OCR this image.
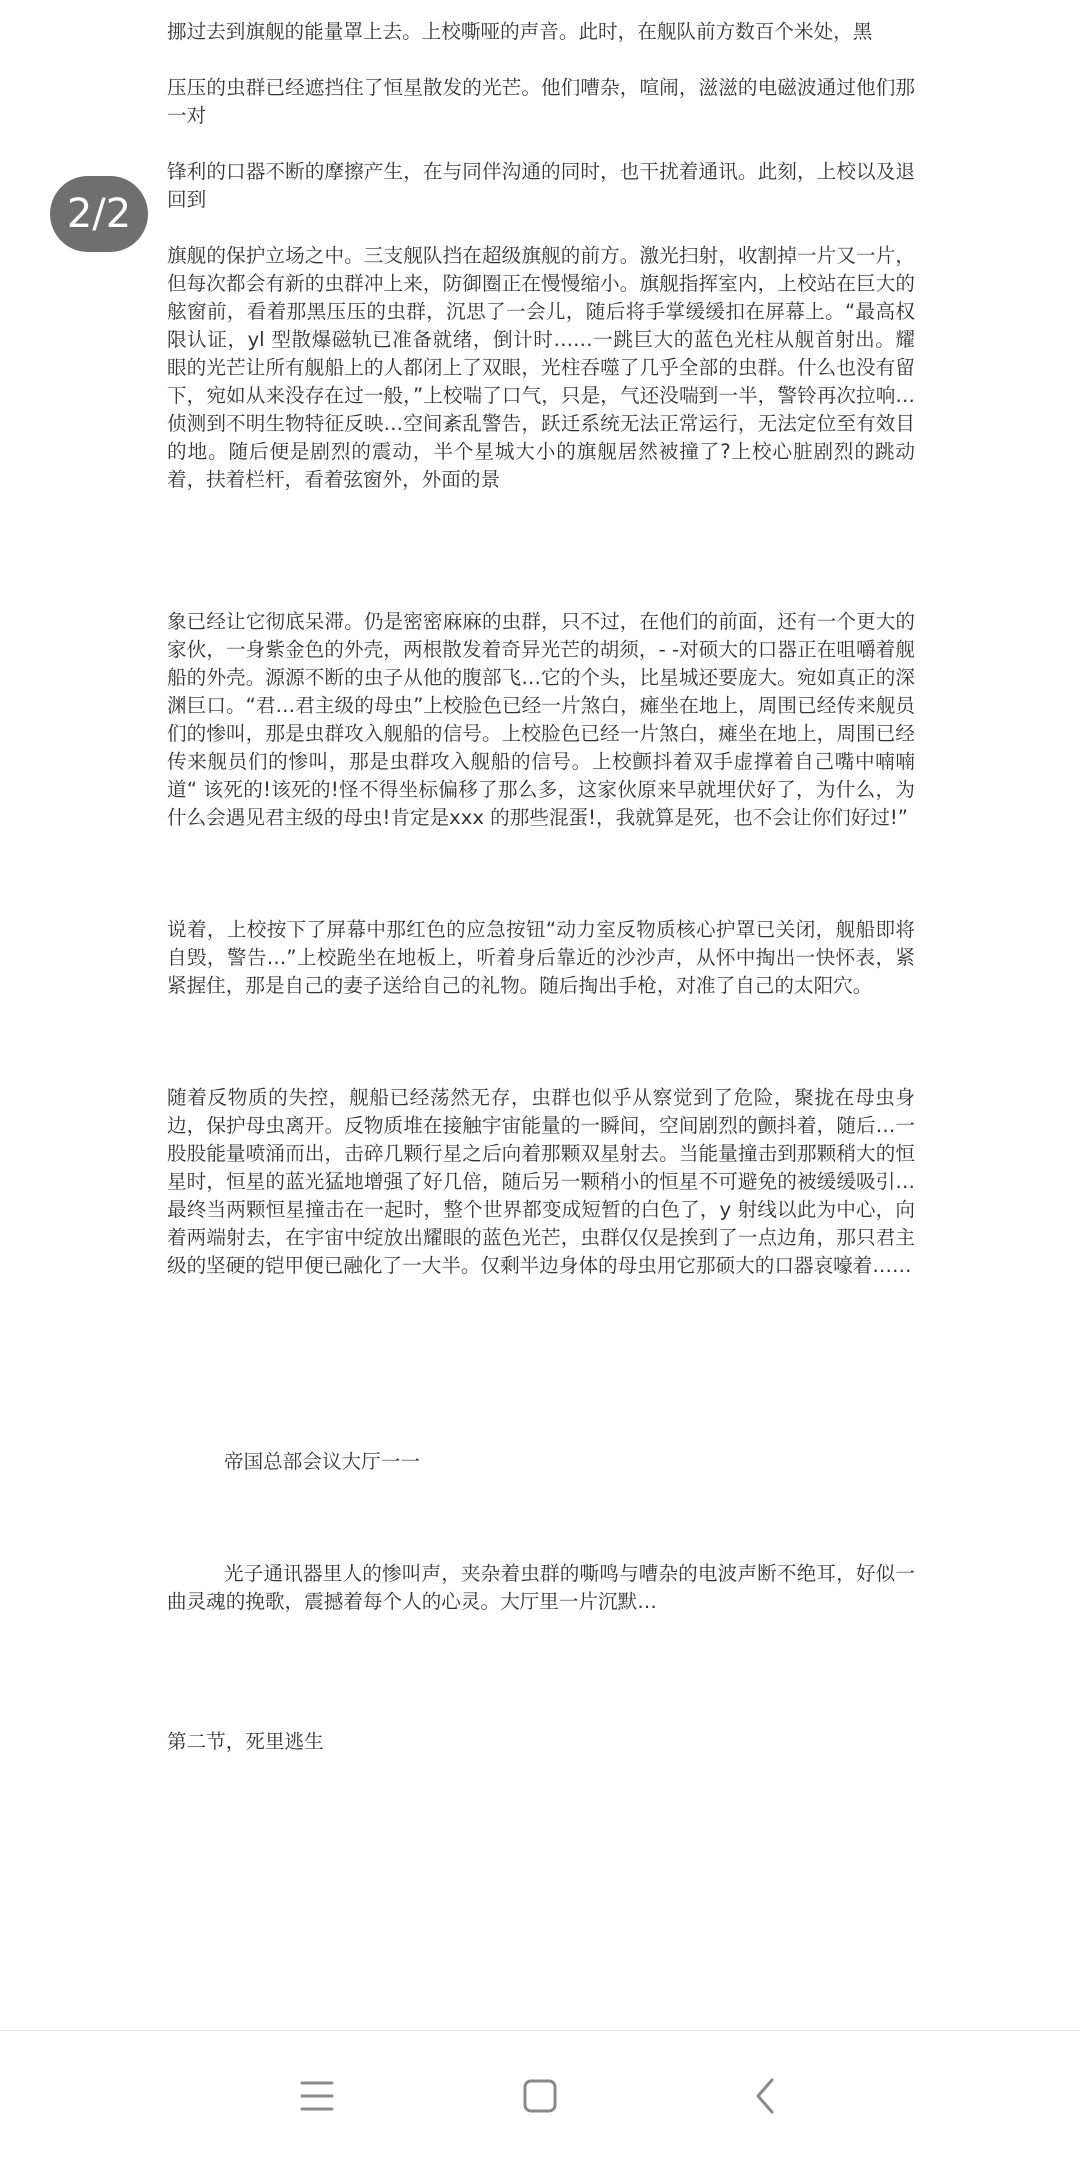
挪过去到旗舰的能量罩上去。上校嘶哑的声音。此时，在舰队前方数百个米处，黑

压压的虫群已经遮挡住了恒星散发的光芒。他们嘈杂，喧闹，滋滋的电磁波通过他们那一对

锋利的口器不断的摩擦产生，在与同伴沟通的同时，也干扰着通讯。此刻，上校以及退回到

旗舰的保护立场之中。三支舰队挡在超级旗舰的前方。激光扫射，收割掉一片又一片，但每次都会有新的虫群冲上来，防御圈正在慢慢缩小。旗舰指挥室内，上校站在巨大的舷窗前，看着那黑压压的虫群，沉思了一会儿，随后将手掌缓缓扣在屏幕上。“最高权限认证，yl 型散爆磁轨已准备就绪，倒计时……一跳巨大的蓝色光柱从舰首射出。耀眼的光芒让所有舰船上的人都闭上了双眼，光柱吞噬了几乎全部的虫群。什么也没有留下，宛如从来没存在过一般，”上校喘了口气，只是，气还没喘到一半，警铃再次拉响…侦测到不明生物特征反映…空间紊乱警告，跃迁系统无法正常运行，无法定位至有效目的地。随后便是剧烈的震动，半个星城大小的旗舰居然被撞了?上校心脏剧烈的跳动着，扶着栏杆，看着弦窗外，外面的景

2/2

象已经让它彻底呆滞。仍是密密麻麻的虫群，只不过，在他们的前面，还有一个更大的家伙，一身紫金色的外壳，两根散发着奇异光芒的胡须，- -对硕大的口器正在咀嚼着舰船的外壳。源源不断的虫子从他的腹部飞…它的个头，比星城还要庞大。宛如真正的深渊巨口。“君…君主级的母虫”上校脸色已经一片煞白，瘫坐在地上，周围已经传来舰员们的惨叫，那是虫群攻入舰船的信号。上校脸色已经一片煞白，瘫坐在地上，周围已经传来舰员们的惨叫，那是虫群攻入舰船的信号。上校颤抖着双手虚撑着自己嘴中喃喃道“ 该死的!该死的!怪不得坐标偏移了那么多，这家伙原来早就埋伏好了，为什么，为什么会遇见君主级的母虫!肯定是xxx 的那些混蛋!，我就算是死，也不会让你们好过!”

说着，上校按下了屏幕中那红色的应急按钮“动力室反物质核心护罩已关闭，舰船即将自毁，警告…”上校跪坐在地板上，听着身后靠近的沙沙声，从怀中掏出一快怀表，紧紧握住，那是自己的妻子送给自己的礼物。随后掏出手枪，对准了自己的太阳穴。

随着反物质的失控，舰船已经荡然无存，虫群也似乎从察觉到了危险，聚拢在母虫身边，保护母虫离开。反物质堆在接触宇宙能量的一瞬间，空间剧烈的颤抖着，随后…一股股能量喷涌而出，击碎几颗行星之后向着那颗双星射去。当能量撞击到那颗稍大的恒星时，恒星的蓝光猛地增强了好几倍，随后另一颗稍小的恒星不可避免的被缓缓吸引…最终当两颗恒星撞击在一起时，整个世界都变成短暂的白色了，y 射线以此为中心，向着两端射去，在宇宙中绽放出耀眼的蓝色光芒，虫群仅仅是挨到了一点边角，那只君主级的坚硬的铠甲便已融化了一大半。仅剩半边身体的母虫用它那硕大的口器哀嚎着……

帝国总部会议大厅一一

光子通讯器里人的惨叫声，夹杂着虫群的嘶鸣与嘈杂的电波声断不绝耳，好似一曲灵魂的挽歌，震撼着每个人的心灵。大厅里一片沉默…

第二节，死里逃生
